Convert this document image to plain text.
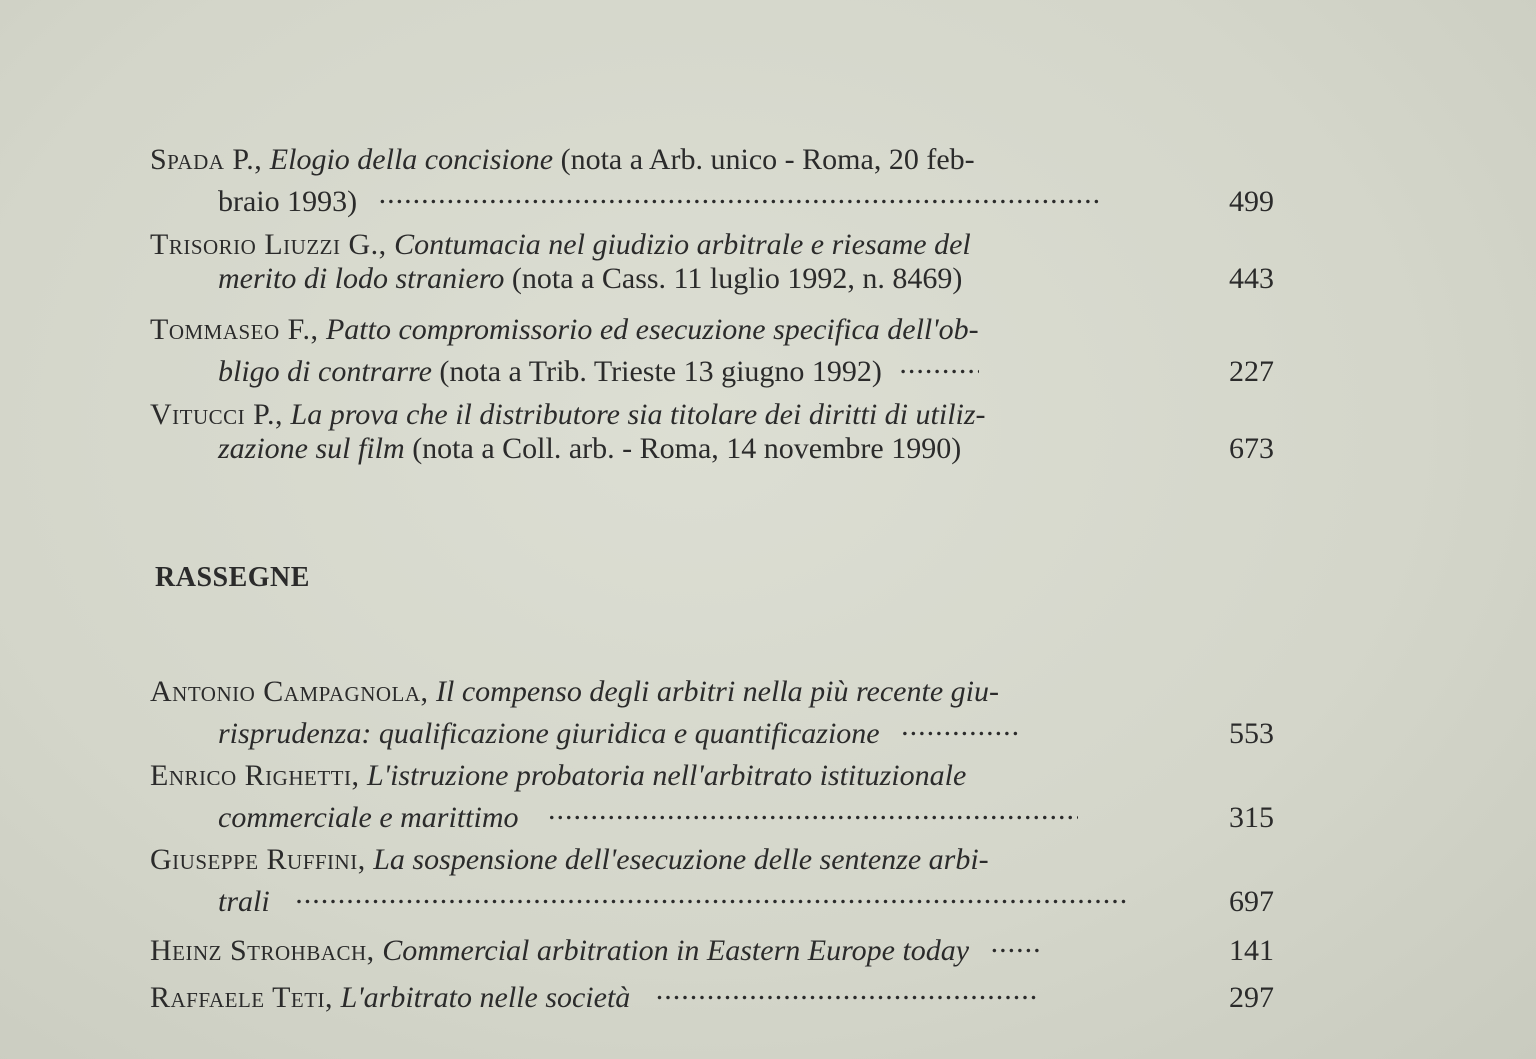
Spada P., Elogio della concisione (nota a Arb. unico - Roma, 20 feb-
braio 1993) .....	499
Trisorio Liuzzi G., Contumacia nel giudizio arbitrale e riesame del
merito di lodo straniero (nota a Cass. 11 luglio 1992, n. 8469)	443
Tommaseo F., Patto compromissorio ed esecuzione specifica dell'ob-
bligo di contrarre (nota a Trib. Trieste 13 giugno 1992) .....	227
Vitucci P., La prova che il distributore sia titolare dei diritti di utiliz-
zazione sul film (nota a Coll. arb. - Roma, 14 novembre 1990)	673
RASSEGNE
Antonio Campagnola, Il compenso degli arbitri nella più recente giu-
risprudenza: qualificazione giuridica e quantificazione .....	553
Enrico Righetti, L'istruzione probatoria nell'arbitrato istituzionale
commerciale e marittimo .....	315
Giuseppe Ruffini, La sospensione dell'esecuzione delle sentenze arbi-
trali .....	697
Heinz Strohbach, Commercial arbitration in Eastern Europe today .....	141
Raffaele Teti, L'arbitrato nelle società .....	297
